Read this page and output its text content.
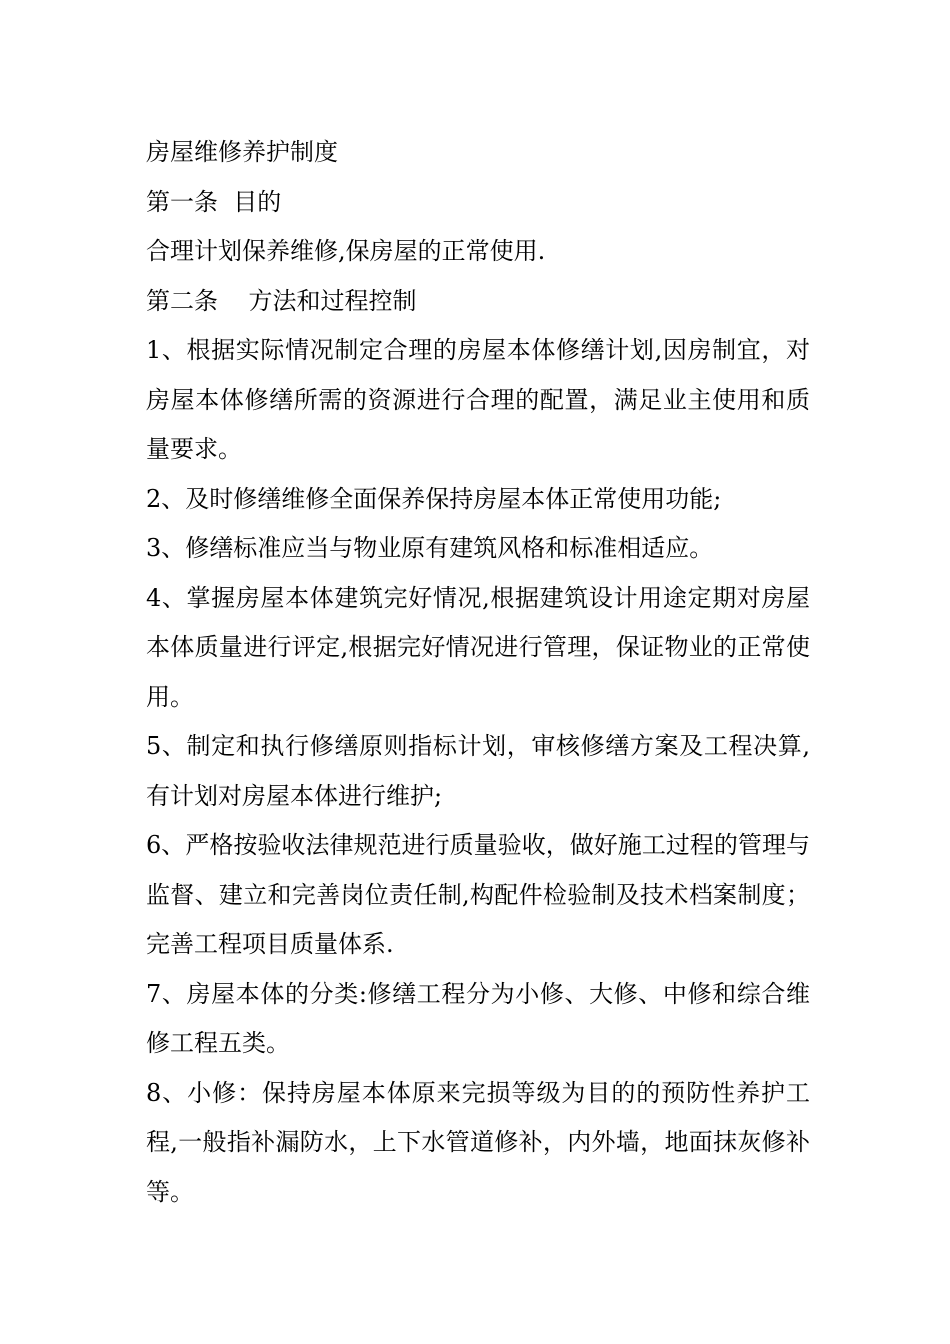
房屋维修养护制度

第一条  目的

合理计划保养维修,保房屋的正常使用.

第二条    方法和过程控制

1、根据实际情况制定合理的房屋本体修缮计划,因房制宜，对房屋本体修缮所需的资源进行合理的配置，满足业主使用和质量要求。

2、及时修缮维修全面保养保持房屋本体正常使用功能;

3、修缮标准应当与物业原有建筑风格和标准相适应。

4、掌握房屋本体建筑完好情况,根据建筑设计用途定期对房屋本体质量进行评定,根据完好情况进行管理，保证物业的正常使用。

5、制定和执行修缮原则指标计划，审核修缮方案及工程决算,有计划对房屋本体进行维护;

6、严格按验收法律规范进行质量验收，做好施工过程的管理与监督、建立和完善岗位责任制,构配件检验制及技术档案制度；完善工程项目质量体系.

7、房屋本体的分类:修缮工程分为小修、大修、中修和综合维修工程五类。

8、小修：保持房屋本体原来完损等级为目的的预防性养护工程,一般指补漏防水，上下水管道修补，内外墙，地面抹灰修补等。
